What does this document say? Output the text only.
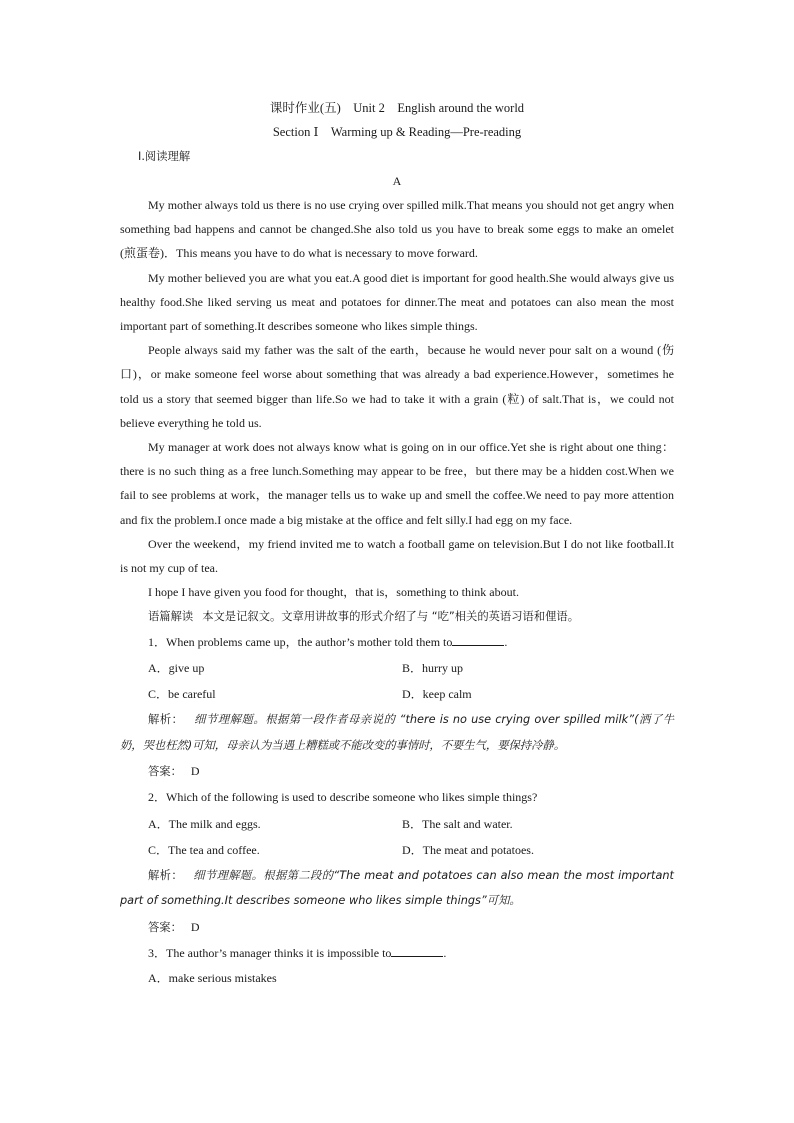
课时作业(五)　Unit 2　English around the world
Section Ⅰ　Warming up & Reading—Pre-reading
Ⅰ.阅读理解
A

My mother always told us there is no use crying over spilled milk.That means you should not get angry when something bad happens and cannot be changed.She also told us you have to break some eggs to make an omelet (煎蛋卷)．This means you have to do what is necessary to move forward.

My mother believed you are what you eat.A good diet is important for good health.She would always give us healthy food.She liked serving us meat and potatoes for dinner.The meat and potatoes can also mean the most important part of something.It describes someone who likes simple things.

People always said my father was the salt of the earth，because he would never pour salt on a wound (伤口)，or make someone feel worse about something that was already a bad experience.However，sometimes he told us a story that seemed bigger than life.So we had to take it with a grain (粒) of salt.That is，we could not believe everything he told us.

My manager at work does not always know what is going on in our office.Yet she is right about one thing：there is no such thing as a free lunch.Something may appear to be free，but there may be a hidden cost.When we fail to see problems at work，the manager tells us to wake up and smell the coffee.We need to pay more attention and fix the problem.I once made a big mistake at the office and felt silly.I had egg on my face.

Over the weekend，my friend invited me to watch a football game on television.But I do not like football.It is not my cup of tea.

I hope I have given you food for thought，that is，something to think about.

语篇解读 本文是记叙文。文章用讲故事的形式介绍了与 “吃”相关的英语习语和俚语。
1．When problems came up，the author’s mother told them to	.
A．give up	B．hurry up
C．be careful	D．keep calm
解析： 细节理解题。根据第一段作者母亲说的 “there is no use crying over spilled milk”(洒了牛奶，哭也枉然)可知，母亲认为当遇上糟糕或不能改变的事情时，不要生气，要保持冷静。
答案： D
2．Which of the following is used to describe someone who likes simple things?
A．The milk and eggs.	B．The salt and water.
C．The tea and coffee.	D．The meat and potatoes.
解析： 细节理解题。根据第二段的“The meat and potatoes can also mean the most important part of something.It describes someone who likes simple things”可知。
答案： D
3．The author’s manager thinks it is impossible to	.
A．make serious mistakes
